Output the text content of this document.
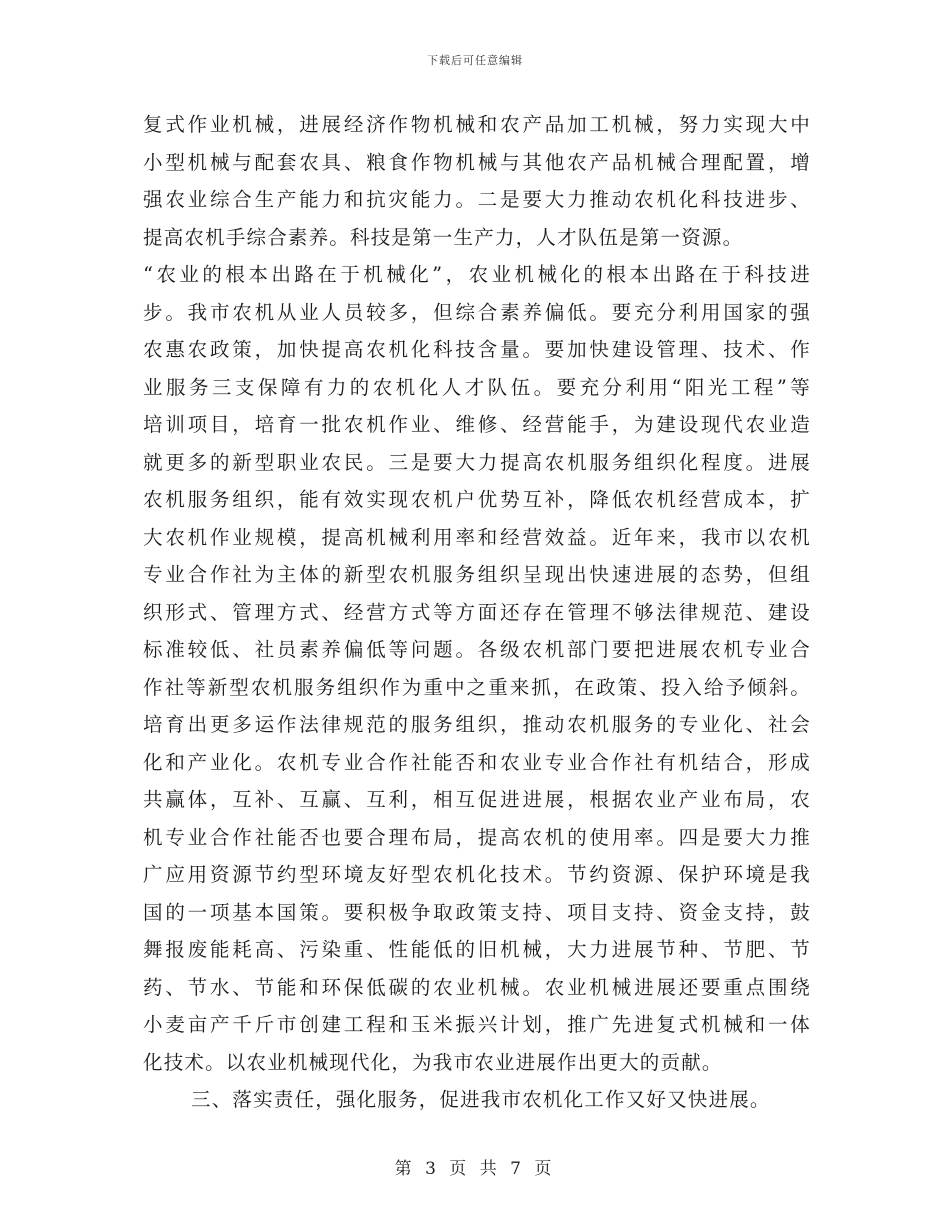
下载后可任意编辑
复式作业机械，进展经济作物机械和农产品加工机械，努力实现大中
小型机械与配套农具、粮食作物机械与其他农产品机械合理配置，增
强农业综合生产能力和抗灾能力。二是要大力推动农机化科技进步、
提高农机手综合素养。科技是第一生产力，人才队伍是第一资源。
“农业的根本出路在于机械化”，农业机械化的根本出路在于科技进
步。我市农机从业人员较多，但综合素养偏低。要充分利用国家的强
农惠农政策，加快提高农机化科技含量。要加快建设管理、技术、作
业服务三支保障有力的农机化人才队伍。要充分利用“阳光工程”等
培训项目，培育一批农机作业、维修、经营能手，为建设现代农业造
就更多的新型职业农民。三是要大力提高农机服务组织化程度。进展
农机服务组织，能有效实现农机户优势互补，降低农机经营成本，扩
大农机作业规模，提高机械利用率和经营效益。近年来，我市以农机
专业合作社为主体的新型农机服务组织呈现出快速进展的态势，但组
织形式、管理方式、经营方式等方面还存在管理不够法律规范、建设
标准较低、社员素养偏低等问题。各级农机部门要把进展农机专业合
作社等新型农机服务组织作为重中之重来抓，在政策、投入给予倾斜。
培育出更多运作法律规范的服务组织，推动农机服务的专业化、社会
化和产业化。农机专业合作社能否和农业专业合作社有机结合，形成
共赢体，互补、互赢、互利，相互促进进展，根据农业产业布局，农
机专业合作社能否也要合理布局，提高农机的使用率。四是要大力推
广应用资源节约型环境友好型农机化技术。节约资源、保护环境是我
国的一项基本国策。要积极争取政策支持、项目支持、资金支持，鼓
舞报废能耗高、污染重、性能低的旧机械，大力进展节种、节肥、节
药、节水、节能和环保低碳的农业机械。农业机械进展还要重点围绕
小麦亩产千斤市创建工程和玉米振兴计划，推广先进复式机械和一体
化技术。以农业机械现代化，为我市农业进展作出更大的贡献。
三、落实责任，强化服务，促进我市农机化工作又好又快进展。
第 3 页 共 7 页
